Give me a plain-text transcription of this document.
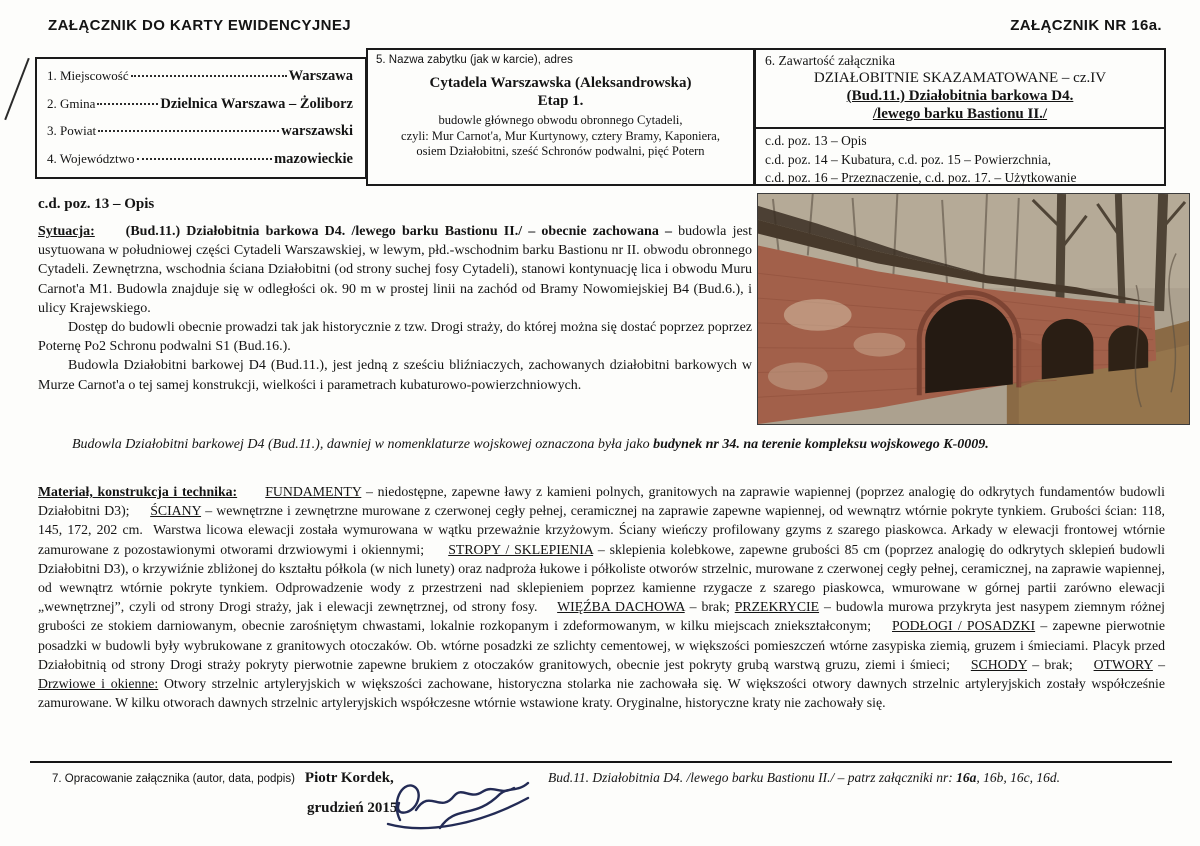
ZAŁĄCZNIK DO KARTY EWIDENCYJNEJ	ZAŁĄCZNIK NR 16a.
1. Miejscowość	Warszawa
2. Gmina	Dzielnica Warszawa – Żoliborz
3. Powiat	warszawski
4. Województwo	mazowieckie
5. Nazwa zabytku (jak w karcie), adres
Cytadela Warszawska (Aleksandrowska)
Etap 1.
budowle głównego obwodu obronnego Cytadeli,
czyli: Mur Carnot'a, Mur Kurtynowy, cztery Bramy, Kaponiera,
osiem Działobitni, sześć Schronów podwalni, pięć Potern
6. Zawartość załącznika
DZIAŁOBITNIE SKAZAMATOWANE – cz.IV
(Bud.11.) Działobitnia barkowa D4.
/lewego barku Bastionu II./
c.d. poz. 13 – Opis
c.d. poz. 14 – Kubatura, c.d. poz. 15 – Powierzchnia,
c.d. poz. 16 – Przeznaczenie, c.d. poz. 17. – Użytkowanie
c.d. poz. 13 – Opis

Sytuacja: (Bud.11.) Działobitnia barkowa D4. /lewego barku Bastionu II./ – obecnie zachowana – budowla jest usytuowana w południowej części Cytadeli Warszawskiej, w lewym, płd.-wschodnim barku Bastionu nr II. obwodu obronnego Cytadeli. Zewnętrzna, wschodnia ściana Działobitni (od strony suchej fosy Cytadeli), stanowi kontynuację lica i obwodu Muru Carnot'a M1. Budowla znajduje się w odległości ok. 90 m w prostej linii na zachód od Bramy Nowomiejskiej B4 (Bud.6.), i ulicy Krajewskiego.

Dostęp do budowli obecnie prowadzi tak jak historycznie z tzw. Drogi straży, do której można się dostać poprzez poprzez Poternę Po2 Schronu podwalni S1 (Bud.16.).

Budowla Działobitni barkowej D4 (Bud.11.), jest jedną z sześciu bliźniaczych, zachowanych działobitni barkowych w Murze Carnot'a o tej samej konstrukcji, wielkości i parametrach kubaturowo-powierzchniowych.

Budowla Działobitni barkowej D4 (Bud.11.), dawniej w nomenklaturze wojskowej oznaczona była jako budynek nr 34. na terenie kompleksu wojskowego K-0009.
Materiał, konstrukcja i technika: FUNDAMENTY – niedostępne, zapewne ławy z kamieni polnych, granitowych na zaprawie wapiennej (poprzez analogię do odkrytych fundamentów budowli Działobitni D3);     ŚCIANY – wewnętrzne i zewnętrzne murowane z czerwonej cegły pełnej, ceramicznej na zaprawie zapewne wapiennej, od wewnątrz wtórnie pokryte tynkiem. Grubości ścian: 118, 145, 172, 202 cm.  Warstwa licowa elewacji została wymurowana w wątku przeważnie krzyżowym. Ściany wieńczy profilowany gzyms z szarego piaskowca. Arkady w elewacji frontowej wtórnie zamurowane z pozostawionymi otworami drzwiowymi i okiennymi;     STROPY / SKLEPIENIA – sklepienia kolebkowe, zapewne grubości 85 cm (poprzez analogię do odkrytych sklepień budowli Działobitni D3), o krzywiźnie zbliżonej do kształtu półkola (w nich lunety) oraz nadproża łukowe i półkoliste otworów strzelnic, murowane z czerwonej cegły pełnej, ceramicznej, na zaprawie wapiennej, od wewnątrz wtórnie pokryte tynkiem. Odprowadzenie wody z przestrzeni nad sklepieniem poprzez kamienne rzygacze z szarego piaskowca, wmurowane w górnej partii zarówno elewacji „wewnętrznej”, czyli od strony Drogi straży, jak i elewacji zewnętrznej, od strony fosy.    WIĘŹBA DACHOWA – brak; PRZEKRYCIE – budowla murowa przykryta jest nasypem ziemnym różnej grubości ze stokiem darniowanym, obecnie zarośniętym chwastami, lokalnie rozkopanym i zdeformowanym, w kilku miejscach zniekształconym;    PODŁOGI / POSADZKI – zapewne pierwotnie posadzki w budowli były wybrukowane z granitowych otoczaków. Ob. wtórne posadzki ze szlichty cementowej, w większości pomieszczeń wtórne zasypiska ziemią, gruzem i śmieciami. Placyk przed Działobitnią od strony Drogi straży pokryty pierwotnie zapewne brukiem z otoczaków granitowych, obecnie jest pokryty grubą warstwą gruzu, ziemi i śmieci;    SCHODY – brak;    OTWORY – Drzwiowe i okienne: Otwory strzelnic artyleryjskich w większości zachowane, historyczna stolarka nie zachowała się. W większości otwory dawnych strzelnic artyleryjskich zostały współcześnie zamurowane. W kilku otworach dawnych strzelnic artyleryjskich współczesne wtórnie wstawione kraty. Oryginalne, historyczne kraty nie zachowały się.
7. Opracowanie załącznika (autor, data, podpis) Piotr Kordek,	Bud.11. Działobitnia D4. /lewego barku Bastionu II./ – patrz załączniki nr: 16a, 16b, 16c, 16d.
grudzień 2015.
